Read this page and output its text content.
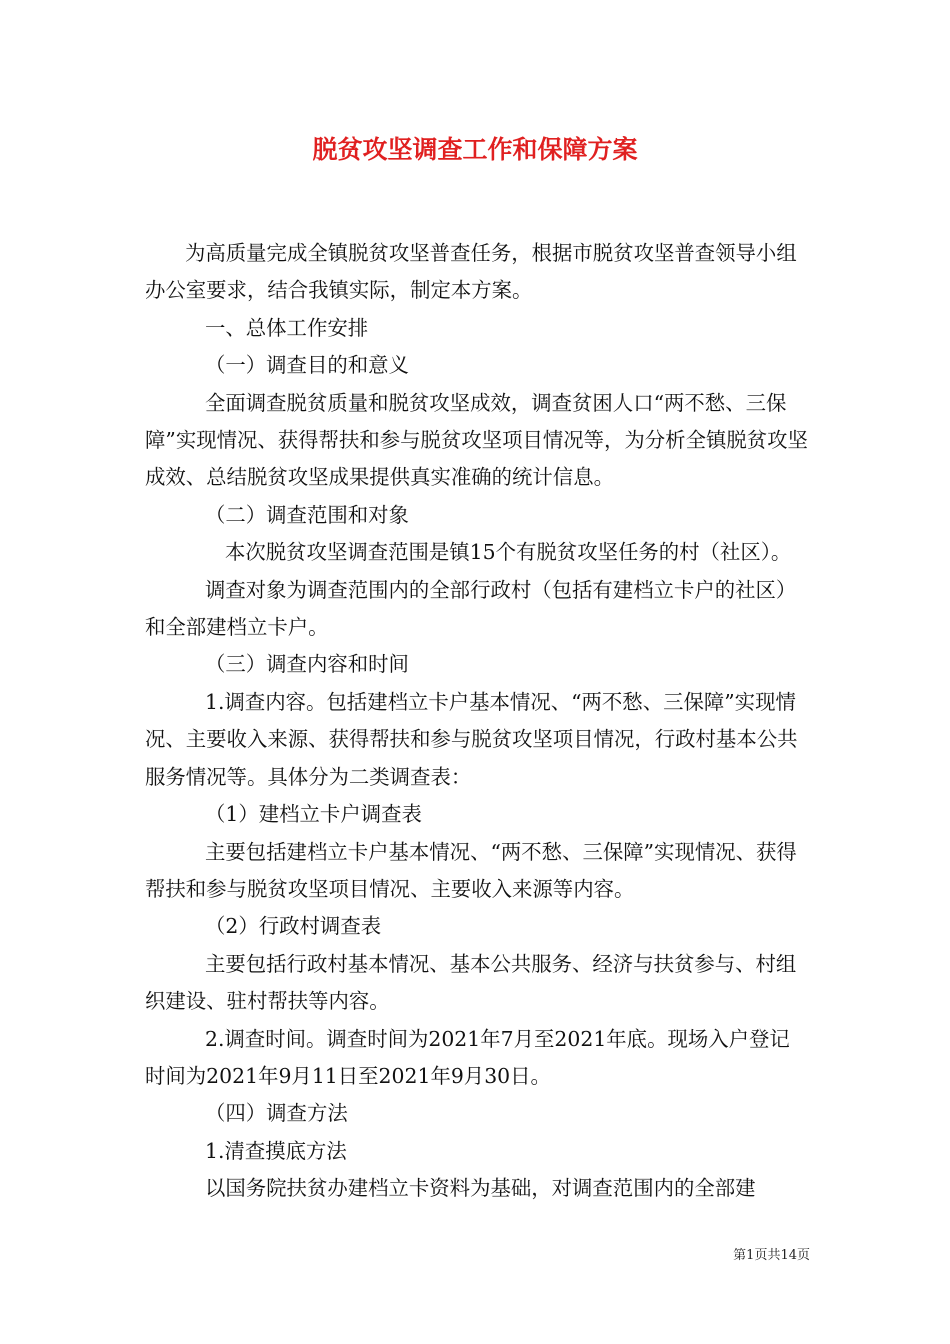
脱贫攻坚调查工作和保障方案

为高质量完成全镇脱贫攻坚普查任务，根据市脱贫攻坚普查领导小组办公室要求，结合我镇实际，制定本方案。

一、总体工作安排

（一）调查目的和意义

全面调查脱贫质量和脱贫攻坚成效，调查贫困人口“两不愁、三保障”实现情况、获得帮扶和参与脱贫攻坚项目情况等，为分析全镇脱贫攻坚成效、总结脱贫攻坚成果提供真实准确的统计信息。

（二）调查范围和对象

本次脱贫攻坚调查范围是镇15个有脱贫攻坚任务的村（社区）。

调查对象为调查范围内的全部行政村（包括有建档立卡户的社区）和全部建档立卡户。

（三）调查内容和时间

1.调查内容。包括建档立卡户基本情况、“两不愁、三保障”实现情况、主要收入来源、获得帮扶和参与脱贫攻坚项目情况，行政村基本公共服务情况等。具体分为二类调查表：

（1）建档立卡户调查表

主要包括建档立卡户基本情况、“两不愁、三保障”实现情况、获得帮扶和参与脱贫攻坚项目情况、主要收入来源等内容。

（2）行政村调查表

主要包括行政村基本情况、基本公共服务、经济与扶贫参与、村组织建设、驻村帮扶等内容。

2.调查时间。调查时间为2021年7月至2021年底。现场入户登记时间为2021年9月11日至2021年9月30日。

（四）调查方法

1.清查摸底方法

以国务院扶贫办建档立卡资料为基础，对调查范围内的全部建

第1页共14页
